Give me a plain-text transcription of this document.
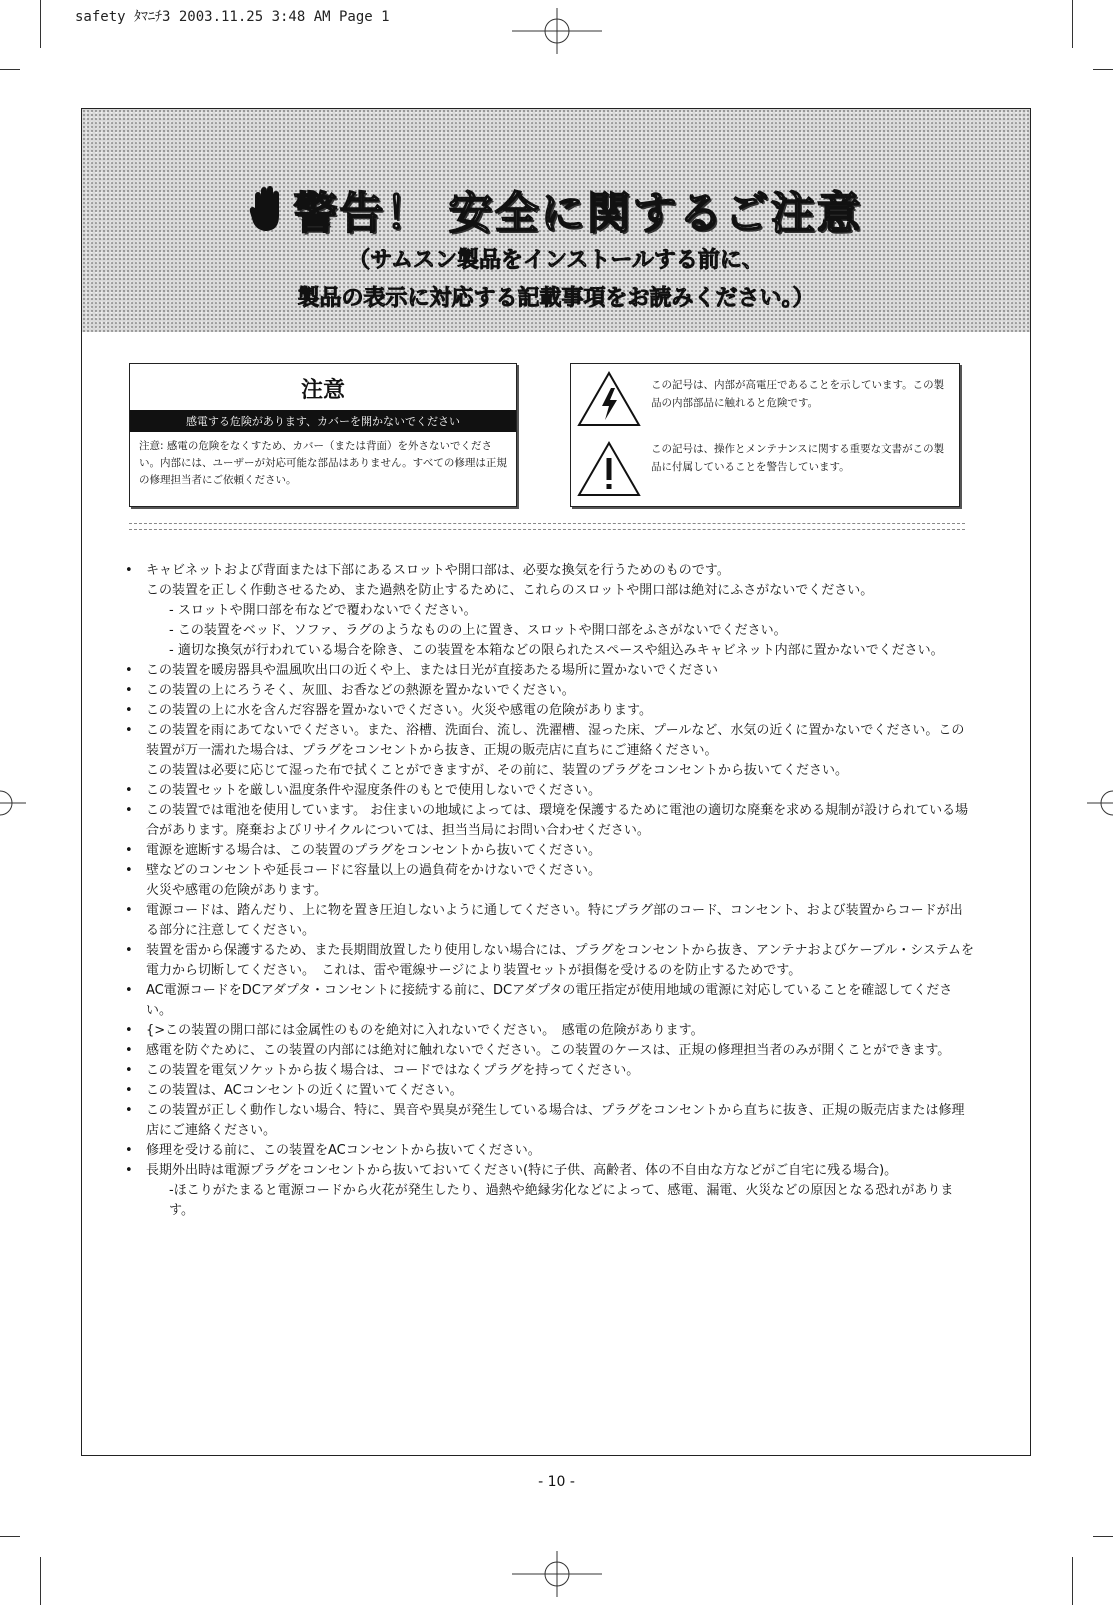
safety ﾀﾏﾆﾁ3 2003.11.25 3:48 AM Page 1
警告！ 安全に関するご注意
（サムスン製品をインストールする前に、
製品の表示に対応する記載事項をお読みください。）
注意
感電する危険があります、カバーを開かないでください
注意: 感電の危険をなくすため、カバー（または背面）を外さないでください。内部には、ユーザーが対応可能な部品はありません。すべての修理は正規の修理担当者にご依頼ください。
この記号は、内部が高電圧であることを示しています。この製品の内部部品に触れると危険です。
この記号は、操作とメンテナンスに関する重要な文書がこの製品に付属していることを警告しています。
• キャビネットおよび背面または下部にあるスロットや開口部は、必要な換気を行うためのものです。
この装置を正しく作動させるため、また過熱を防止するために、これらのスロットや開口部は絶対にふさがないでください。
- スロットや開口部を布などで覆わないでください。
- この装置をベッド、ソファ、ラグのようなものの上に置き、スロットや開口部をふさがないでください。
- 適切な換気が行われている場合を除き、この装置を本箱などの限られたスペースや組込みキャビネット内部に置かないでください。
• この装置を暖房器具や温風吹出口の近くや上、または日光が直接あたる場所に置かないでください
• この装置の上にろうそく、灰皿、お香などの熱源を置かないでください。
• この装置の上に水を含んだ容器を置かないでください。火災や感電の危険があります。
• この装置を雨にあてないでください。また、浴槽、洗面台、流し、洗濯槽、湿った床、プールなど、水気の近くに置かないでください。この装置が万一濡れた場合は、プラグをコンセントから抜き、正規の販売店に直ちにご連絡ください。
この装置は必要に応じて湿った布で拭くことができますが、その前に、装置のプラグをコンセントから抜いてください。
• この装置セットを厳しい温度条件や湿度条件のもとで使用しないでください。
• この装置では電池を使用しています。 お住まいの地域によっては、環境を保護するために電池の適切な廃棄を求める規制が設けられている場合があります。廃棄およびリサイクルについては、担当当局にお問い合わせください。
• 電源を遮断する場合は、この装置のプラグをコンセントから抜いてください。
• 壁などのコンセントや延長コードに容量以上の過負荷をかけないでください。
火災や感電の危険があります。
• 電源コードは、踏んだり、上に物を置き圧迫しないように通してください。特にプラグ部のコード、コンセント、および装置からコードが出る部分に注意してください。
• 装置を雷から保護するため、また長期間放置したり使用しない場合には、プラグをコンセントから抜き、アンテナおよびケーブル・システムを電力から切断してください。　これは、雷や電線サージにより装置セットが損傷を受けるのを防止するためです。
• AC電源コードをDCアダプタ・コンセントに接続する前に、DCアダプタの電圧指定が使用地域の電源に対応していることを確認してください。
• {>この装置の開口部には金属性のものを絶対に入れないでください。　感電の危険があります。
• 感電を防ぐために、この装置の内部には絶対に触れないでください。この装置のケースは、正規の修理担当者のみが開くことができます。
• この装置を電気ソケットから抜く場合は、コードではなくプラグを持ってください。
• この装置は、ACコンセントの近くに置いてください。
• この装置が正しく動作しない場合、特に、異音や異臭が発生している場合は、プラグをコンセントから直ちに抜き、正規の販売店または修理店にご連絡ください。
• 修理を受ける前に、この装置をACコンセントから抜いてください。
• 長期外出時は電源プラグをコンセントから抜いておいてください(特に子供、高齢者、体の不自由な方などがご自宅に残る場合)。
-ほこりがたまると電源コードから火花が発生したり、過熱や絶縁劣化などによって、感電、漏電、火災などの原因となる恐れがあります。
- 10 -
